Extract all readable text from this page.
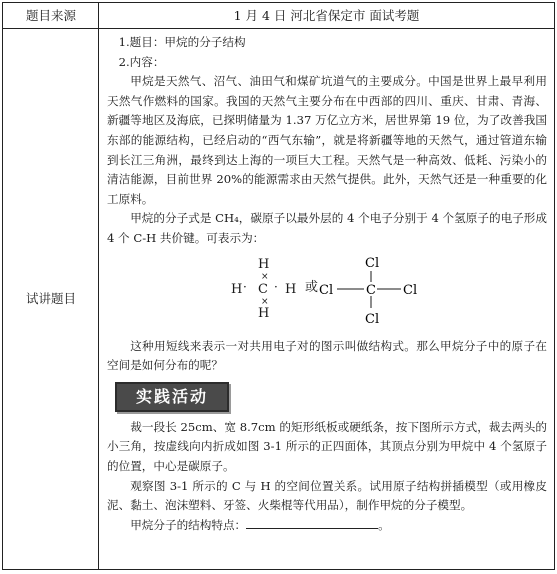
题目来源	1 月 4 日 河北省保定市 面试考题
试讲题目

1.题目：甲烷的分子结构

2.内容：

甲烷是天然气、沼气、油田气和煤矿坑道气的主要成分。中国是世界上最早利用天然气作燃料的国家。我国的天然气主要分布在中西部的四川、重庆、甘肃、青海、新疆等地区及海底，已探明储量为 1.37 万亿立方米，居世界第 19 位，为了改善我国东部的能源结构，已经启动的“西气东输”，就是将新疆等地的天然气，通过管道东输到长江三角洲，最终到达上海的一项巨大工程。天然气是一种高效、低耗、污染小的清洁能源，目前世界 20%的能源需求由天然气提供。此外，天然气还是一种重要的化工原料。

甲烷的分子式是 CH₄，碳原子以最外层的 4 个电子分别于 4 个氢原子的电子形成 4 个 C-H 共价键。可表示为：

H
×
H · C · H
×
H
或
Cl
Cl	C Cl
Cl

这种用短线来表示一对共用电子对的图示叫做结构式。那么甲烷分子中的原子在空间是如何分布的呢？

实践活动

裁一段长 25cm、宽 8.7cm 的矩形纸板或硬纸条，按下图所示方式，裁去两头的小三角，按虚线向内折成如图 3-1 所示的正四面体，其顶点分别为甲烷中 4 个氢原子的位置，中心是碳原子。

观察图 3-1 所示的 C 与 H 的空间位置关系。试用原子结构拼插模型（或用橡皮泥、黏土、泡沫塑料、牙签、火柴棍等代用品），制作甲烷的分子模型。

甲烷分子的结构特点：	。
